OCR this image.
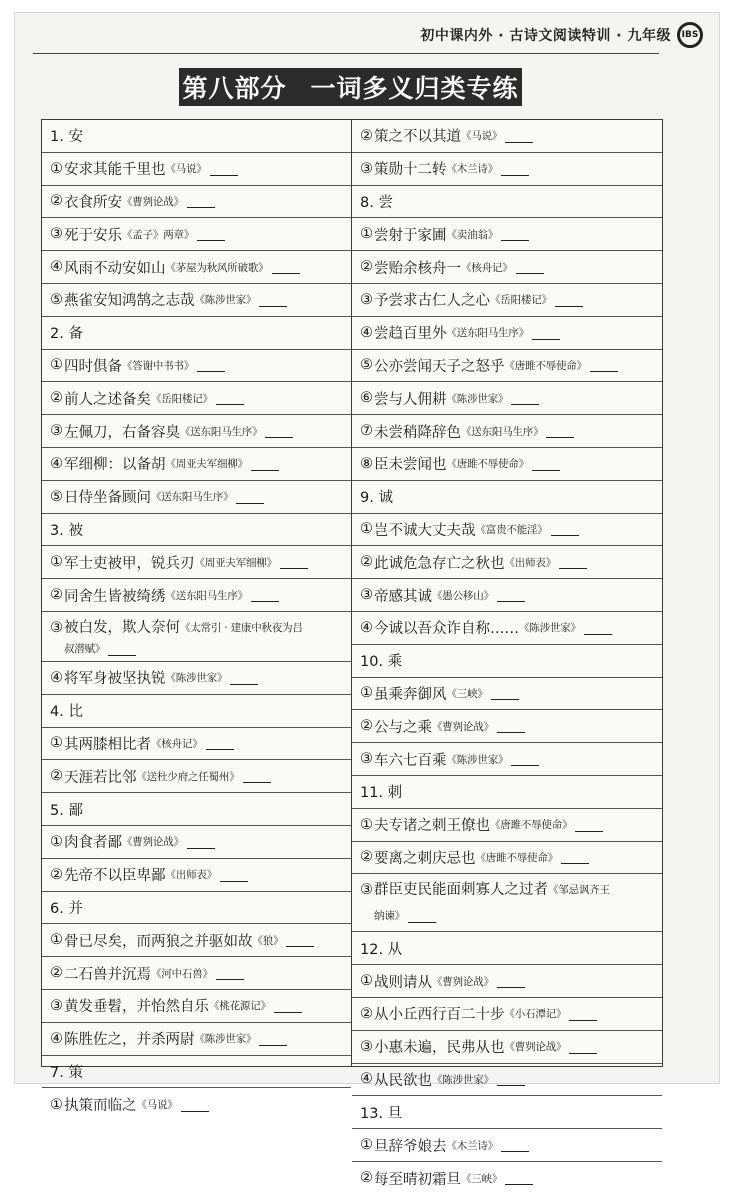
初中课内外 · 古诗文阅读特训 · 九年级 IBS
第八部分 一词多义归类专练
1. 安
① 安求其能千里也 《马说》
② 衣食所安 《曹刿论战》
③ 死于安乐 《孟子》两章》
④ 风雨不动安如山 《茅屋为秋风所破歌》
⑤ 燕雀安知鸿鹄之志哉 《陈涉世家》
2. 备
① 四时俱备 《答谢中书书》
② 前人之述备矣 《岳阳楼记》
③ 左佩刀，右备容臭 《送东阳马生序》
④ 军细柳：以备胡 《周亚夫军细柳》
⑤ 日侍坐备顾问 《送东阳马生序》
3. 被
① 军士吏被甲，锐兵刃 《周亚夫军细柳》
② 同舍生皆被绮绣 《送东阳马生序》
③ 被白发，欺人奈何 《太常引 · 建康中秋夜为吕
叔潜赋》
④ 将军身被坚执锐 《陈涉世家》
4. 比
① 其两膝相比者 《核舟记》
② 天涯若比邻 《送杜少府之任蜀州》
5. 鄙
① 肉食者鄙 《曹刿论战》
② 先帝不以臣卑鄙 《出师表》
6. 并
① 骨已尽矣，而两狼之并驱如故 《狼》
② 二石兽并沉焉 《河中石兽》
③ 黄发垂髫，并怡然自乐 《桃花源记》
④ 陈胜佐之，并杀两尉 《陈涉世家》
7. 策
① 执策而临之 《马说》
② 策之不以其道 《马说》
③ 策勋十二转 《木兰诗》
8. 尝
① 尝射于家圃 《卖油翁》
② 尝贻余核舟一 《核舟记》
③ 予尝求古仁人之心 《岳阳楼记》
④ 尝趋百里外 《送东阳马生序》
⑤ 公亦尝闻天子之怒乎 《唐雎不辱使命》
⑥ 尝与人佣耕 《陈涉世家》
⑦ 未尝稍降辞色 《送东阳马生序》
⑧ 臣未尝闻也 《唐雎不辱使命》
9. 诚
① 岂不诚大丈夫哉 《富贵不能淫》
② 此诚危急存亡之秋也 《出师表》
③ 帝感其诚 《愚公移山》
④ 今诚以吾众诈自称…… 《陈涉世家》
10. 乘
① 虽乘奔御风 《三峡》
② 公与之乘 《曹刿论战》
③ 车六七百乘 《陈涉世家》
11. 刺
① 夫专诸之刺王僚也 《唐雎不辱使命》
② 要离之刺庆忌也 《唐雎不辱使命》
③ 群臣吏民能面刺寡人之过者 《邹忌讽齐王
纳谏》
12. 从
① 战则请从 《曹刿论战》
② 从小丘西行百二十步 《小石潭记》
③ 小惠未遍，民弗从也 《曹刿论战》
④ 从民欲也 《陈涉世家》
13. 旦
① 旦辞爷娘去 《木兰诗》
② 每至晴初霜旦 《三峡》
